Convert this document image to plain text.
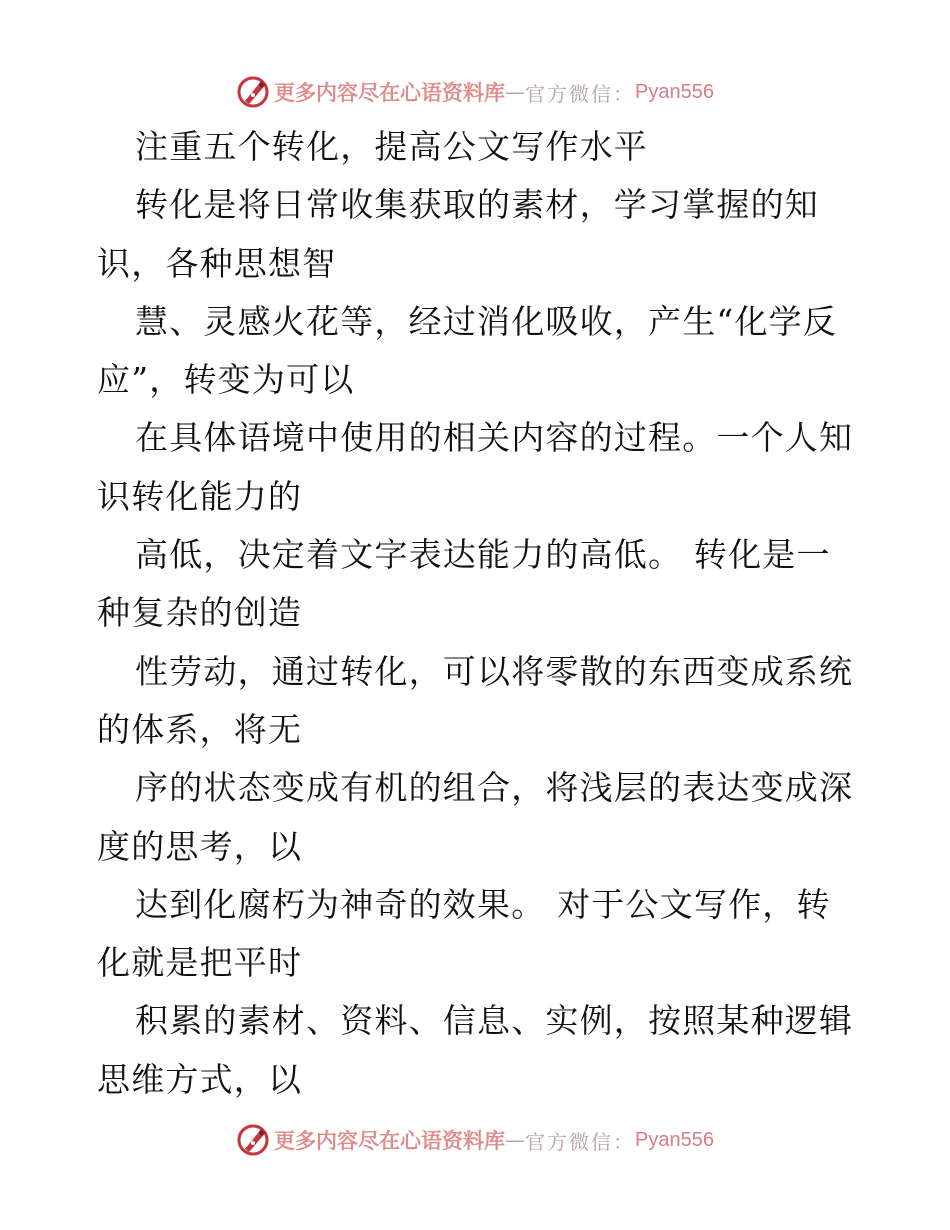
更多内容尽在心语资料库 — 官方微信： Pyan556
注重五个转化，提高公文写作水平
转化是将日常收集获取的素材，学习掌握的知
识，各种思想智
慧、灵感火花等，经过消化吸收，产生“化学反
应”，转变为可以
在具体语境中使用的相关内容的过程。一个人知
识转化能力的
高低，决定着文字表达能力的高低。 转化是一
种复杂的创造
性劳动，通过转化，可以将零散的东西变成系统
的体系，将无
序的状态变成有机的组合，将浅层的表达变成深
度的思考，以
达到化腐朽为神奇的效果。 对于公文写作，转
化就是把平时
积累的素材、资料、信息、实例，按照某种逻辑
思维方式，以
更多内容尽在心语资料库 — 官方微信： Pyan556
